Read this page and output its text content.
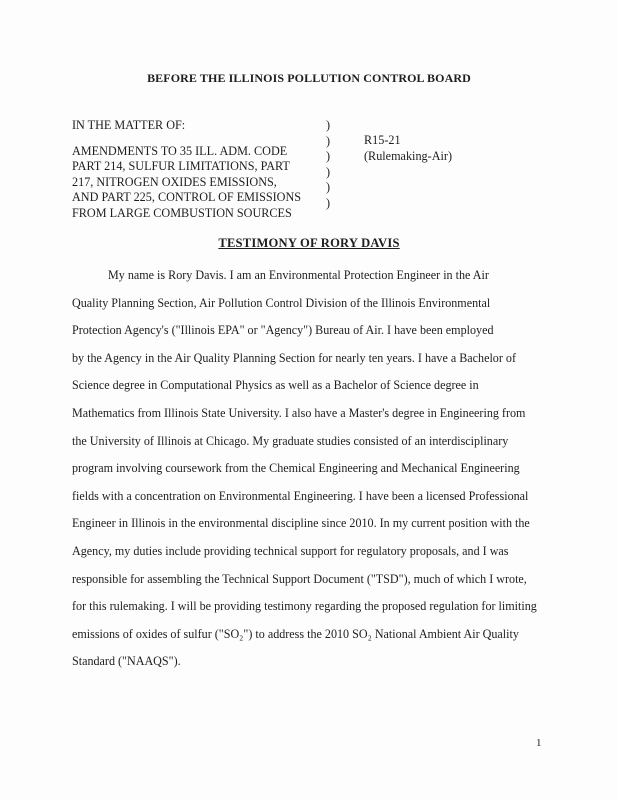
BEFORE THE ILLINOIS POLLUTION CONTROL BOARD
IN THE MATTER OF:
AMENDMENTS TO 35 ILL. ADM. CODE
PART 214, SULFUR LIMITATIONS, PART
217, NITROGEN OXIDES EMISSIONS,
AND PART 225, CONTROL OF EMISSIONS
FROM LARGE COMBUSTION SOURCES
)
)
)
)
)
)
R15-21
(Rulemaking-Air)
TESTIMONY OF RORY DAVIS
My name is Rory Davis. I am an Environmental Protection Engineer in the Air
Quality Planning Section, Air Pollution Control Division of the Illinois Environmental
Protection Agency's ("Illinois EPA" or "Agency") Bureau of Air. I have been employed
by the Agency in the Air Quality Planning Section for nearly ten years. I have a Bachelor of
Science degree in Computational Physics as well as a Bachelor of Science degree in
Mathematics from Illinois State University. I also have a Master's degree in Engineering from
the University of Illinois at Chicago. My graduate studies consisted of an interdisciplinary
program involving coursework from the Chemical Engineering and Mechanical Engineering
fields with a concentration on Environmental Engineering. I have been a licensed Professional
Engineer in Illinois in the environmental discipline since 2010. In my current position with the
Agency, my duties include providing technical support for regulatory proposals, and I was
responsible for assembling the Technical Support Document ("TSD"), much of which I wrote,
for this rulemaking. I will be providing testimony regarding the proposed regulation for limiting
emissions of oxides of sulfur ("SO₂") to address the 2010 SO₂ National Ambient Air Quality
Standard ("NAAQS").
1
